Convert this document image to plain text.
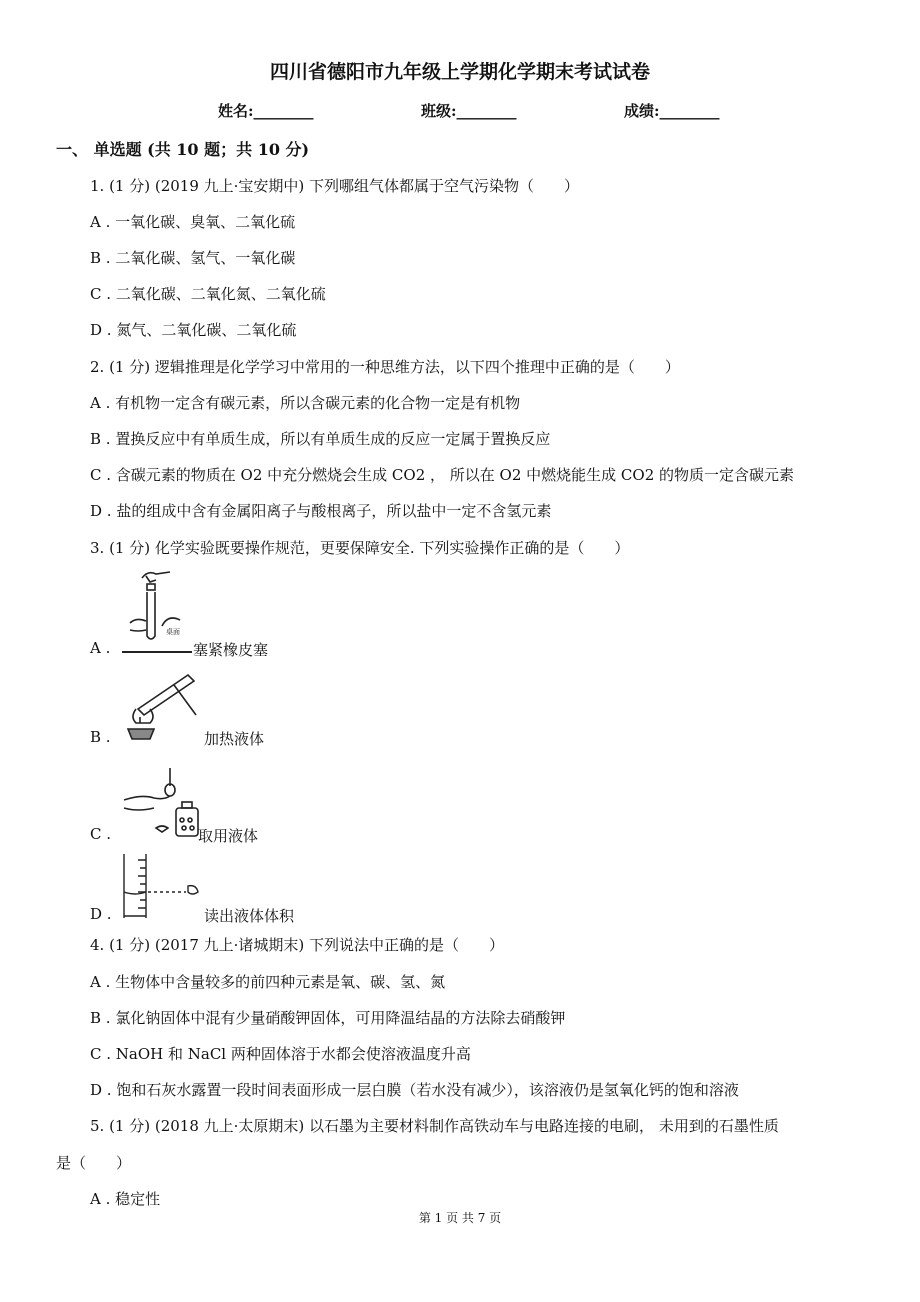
四川省德阳市九年级上学期化学期末考试试卷
姓名:________	班级:________	成绩:________
一、 单选题 (共 10 题；共 10 分)
1. (1 分) (2019 九上·宝安期中) 下列哪组气体都属于空气污染物（　　）
A . 一氧化碳、臭氧、二氧化硫
B . 二氧化碳、氢气、一氧化碳
C . 二氧化碳、二氧化氮、二氧化硫
D . 氮气、二氧化碳、二氧化硫
2. (1 分) 逻辑推理是化学学习中常用的一种思维方法，以下四个推理中正确的是（　　）
A . 有机物一定含有碳元素，所以含碳元素的化合物一定是有机物
B . 置换反应中有单质生成，所以有单质生成的反应一定属于置换反应
C . 含碳元素的物质在 O2 中充分燃烧会生成 CO2 ， 所以在 O2 中燃烧能生成 CO2 的物质一定含碳元素
D . 盐的组成中含有金属阳离子与酸根离子，所以盐中一定不含氢元素
3. (1 分) 化学实验既要操作规范，更要保障安全. 下列实验操作正确的是（　　）
A .
桌面
塞紧橡皮塞
B .	加热液体
C .	取用液体
D .	读出液体体积
4. (1 分) (2017 九上·诸城期末) 下列说法中正确的是（　　）
A . 生物体中含量较多的前四种元素是氧、碳、氢、氮
B . 氯化钠固体中混有少量硝酸钾固体，可用降温结晶的方法除去硝酸钾
C . NaOH 和 NaCl 两种固体溶于水都会使溶液温度升高
D . 饱和石灰水露置一段时间表面形成一层白膜（若水没有减少），该溶液仍是氢氧化钙的饱和溶液
5. (1 分) (2018 九上·太原期末) 以石墨为主要材料制作高铁动车与电路连接的电刷， 未用到的石墨性质
是（　　）
A . 稳定性
第 1 页 共 7 页
